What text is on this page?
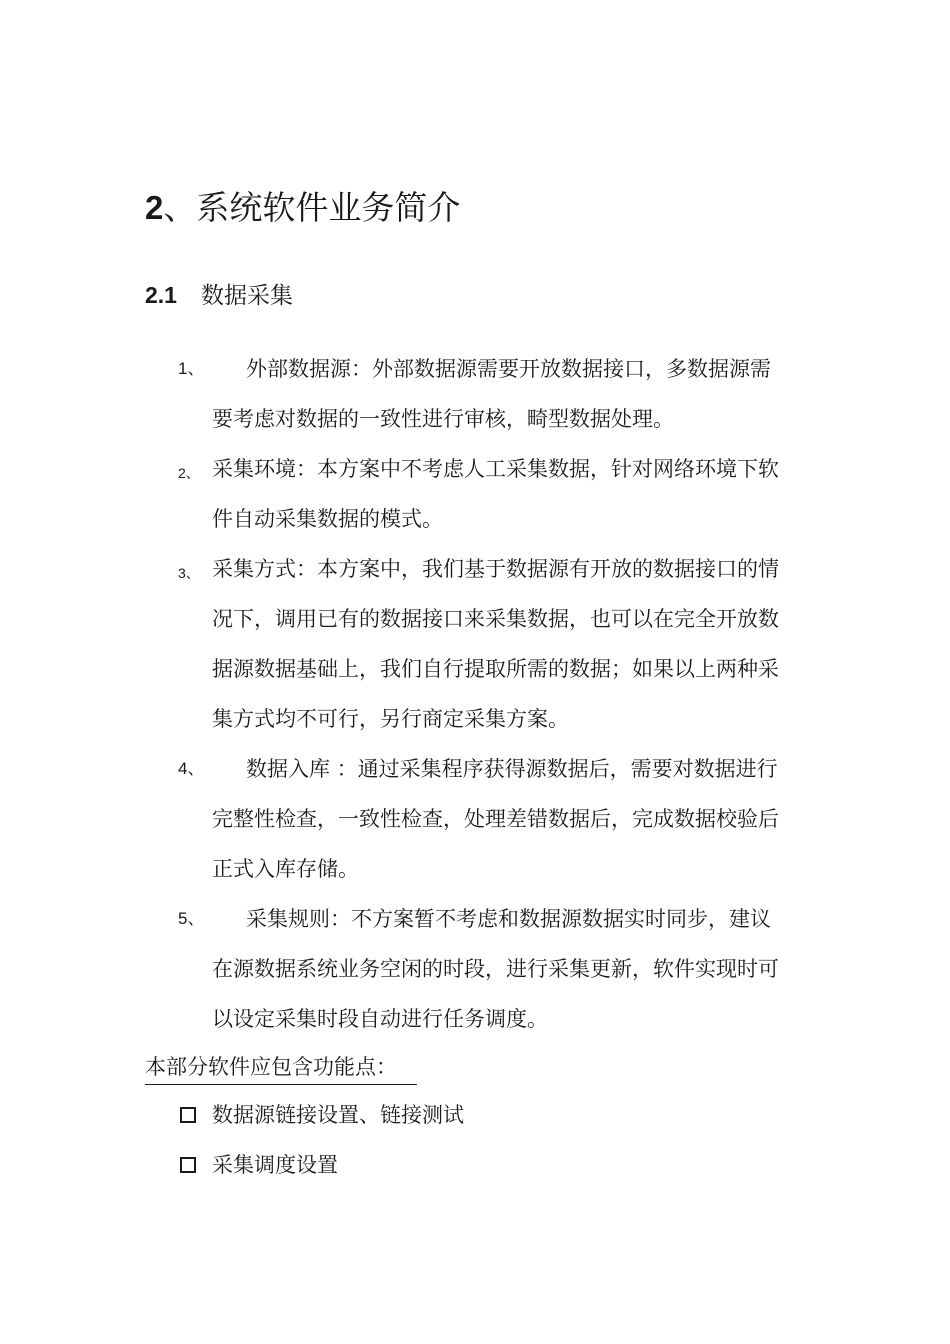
2、系统软件业务简介
2.1 数据采集
1、	外部数据源：外部数据源需要开放数据接口，多数据源需
要考虑对数据的一致性进行审核，畸型数据处理。
2、 采集环境：本方案中不考虑人工采集数据，针对网络环境下软
件自动采集数据的模式。
3、 采集方式：本方案中，我们基于数据源有开放的数据接口的情
况下，调用已有的数据接口来采集数据，也可以在完全开放数
据源数据基础上，我们自行提取所需的数据；如果以上两种采
集方式均不可行，另行商定采集方案。
4、	数据入库 ：通过采集程序获得源数据后，需要对数据进行
完整性检查，一致性检查，处理差错数据后，完成数据校验后
正式入库存储。
5、	采集规则：不方案暂不考虑和数据源数据实时同步，建议
在源数据系统业务空闲的时段，进行采集更新，软件实现时可
以设定采集时段自动进行任务调度。
本部分软件应包含功能点：
数据源链接设置、链接测试
采集调度设置
